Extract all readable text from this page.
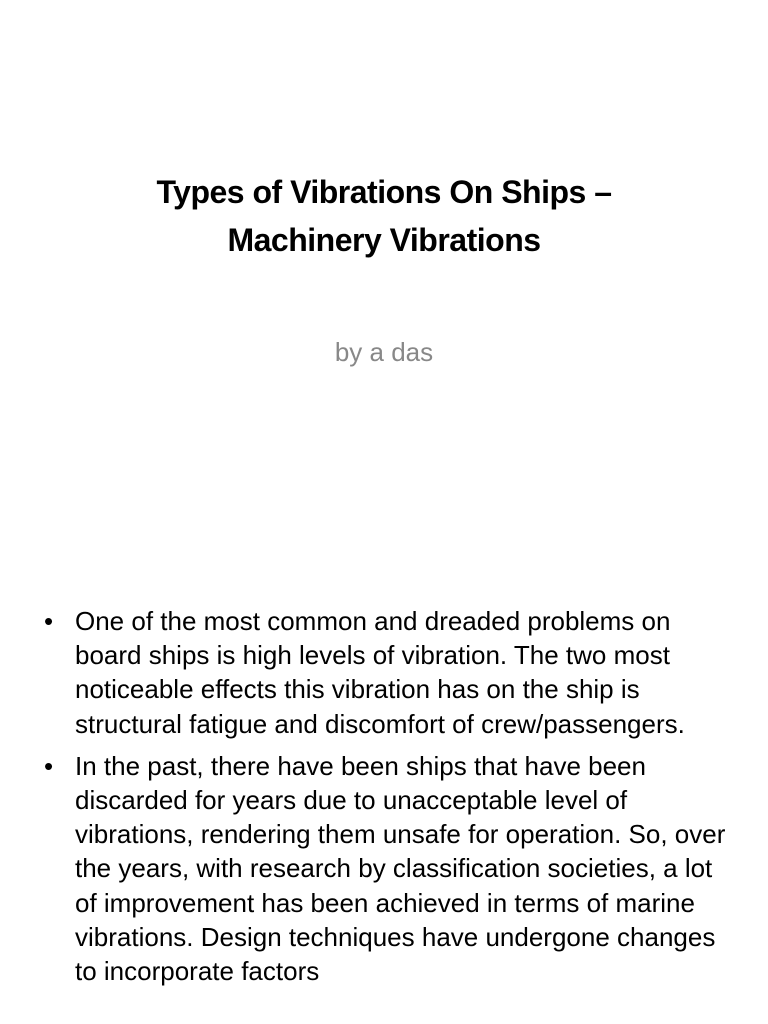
Types of Vibrations On Ships –
Machinery Vibrations

by a das

• One of the most common and dreaded problems on board ships is high levels of vibration. The two most noticeable effects this vibration has on the ship is structural fatigue and discomfort of crew/passengers.
• In the past, there have been ships that have been discarded for years due to unacceptable level of vibrations, rendering them unsafe for operation. So, over the years, with research by classification societies, a lot of improvement has been achieved in terms of marine vibrations. Design techniques have undergone changes to incorporate factors
